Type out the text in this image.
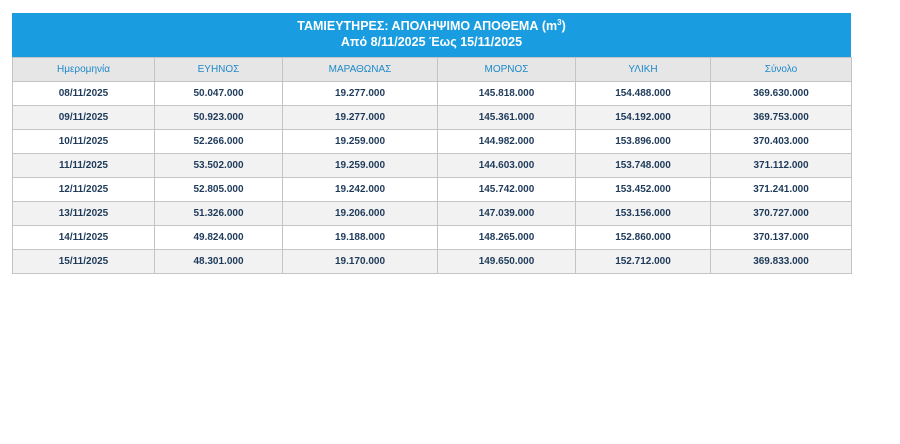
ΤΑΜΙΕΥΤΗΡΕΣ: ΑΠΟΛΗΨΙΜΟ ΑΠΟΘΕΜΑ $(m^3)$
Από 8/11/2025 Έως 15/11/2025
Ημερομηνία	ΕΥΗΝΟΣ	ΜΑΡΑΘΩΝΑΣ	ΜΟΡΝΟΣ	ΥΛΙΚΗ	Σύνολο
08/11/2025	50.047.000	19.277.000	145.818.000	154.488.000	369.630.000
09/11/2025	50.923.000	19.277.000	145.361.000	154.192.000	369.753.000
10/11/2025	52.266.000	19.259.000	144.982.000	153.896.000	370.403.000
11/11/2025	53.502.000	19.259.000	144.603.000	153.748.000	371.112.000
12/11/2025	52.805.000	19.242.000	145.742.000	153.452.000	371.241.000
13/11/2025	51.326.000	19.206.000	147.039.000	153.156.000	370.727.000
14/11/2025	49.824.000	19.188.000	148.265.000	152.860.000	370.137.000
15/11/2025	48.301.000	19.170.000	149.650.000	152.712.000	369.833.000
